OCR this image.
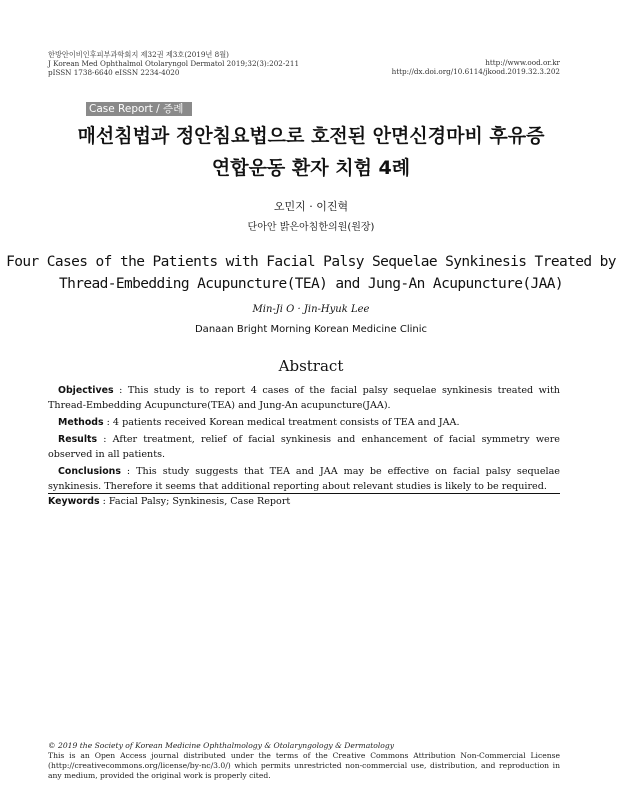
한방안이비인후피부과학회지 제32권 제3호(2019년 8월)
J Korean Med Ophthalmol Otolaryngol Dermatol 2019;32(3):202-211
pISSN 1738-6640 eISSN 2234-4020
http://www.ood.or.kr
http://dx.doi.org/10.6114/jkood.2019.32.3.202
Case Report / 증례
매선침법과 정안침요법으로 호전된 안면신경마비 후유증
연합운동 환자 치험 4례
오민지 · 이진혁
단아안 밝은아침한의원(원장)
Four Cases of the Patients with Facial Palsy Sequelae Synkinesis Treated by
Thread-Embedding Acupuncture(TEA) and Jung-An Acupuncture(JAA)
Min-Ji O · Jin-Hyuk Lee
Danaan Bright Morning Korean Medicine Clinic
Abstract

Objectives : This study is to report 4 cases of the facial palsy sequelae synkinesis treated with Thread-Embedding Acupuncture(TEA) and Jung-An acupuncture(JAA).

Methods : 4 patients received Korean medical treatment consists of TEA and JAA.

Results : After treatment, relief of facial synkinesis and enhancement of facial symmetry were observed in all patients.

Conclusions : This study suggests that TEA and JAA may be effective on facial palsy sequelae synkinesis. Therefore it seems that additional reporting about relevant studies is likely to be required.

Keywords : Facial Palsy; Synkinesis, Case Report
© 2019 the Society of Korean Medicine Ophthalmology & Otolaryngology & Dermatology
This is an Open Access journal distributed under the terms of the Creative Commons Attribution Non-Commercial License (http://creativecommons.org/license/by-nc/3.0/) which permits unrestricted non-commercial use, distribution, and reproduction in any medium, provided the original work is properly cited.
